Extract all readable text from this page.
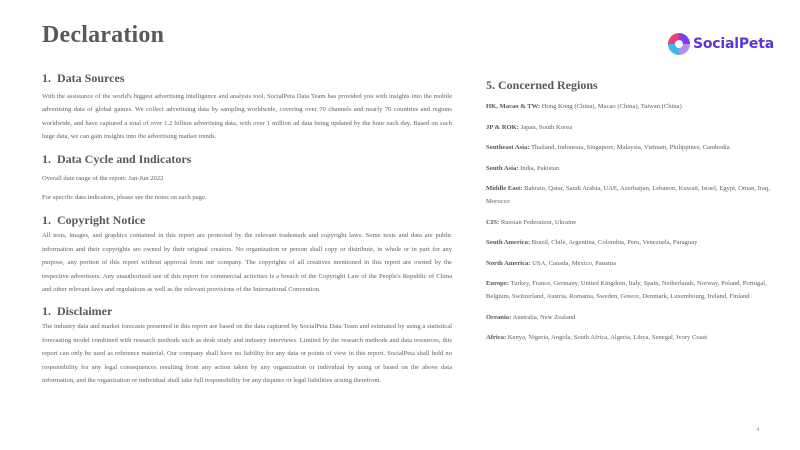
Declaration	SocialPeta
1. Data Sources

With the assistance of the world's biggest advertising intelligence and analysis tool, SocialPeta Data Team has provided you with insights into the mobile advertising data of global games. We collect advertising data by sampling worldwide, covering over 70 channels and nearly 70 countries and regions worldwide, and have captured a total of over 1.2 billion advertising data, with over 1 million ad data being updated by the hour each day. Based on such huge data, we can gain insights into the advertising market trends.

1. Data Cycle and Indicators

Overall date range of the report: Jan-Jun 2022

For specific data indicators, please see the notes on each page.

1. Copyright Notice

All tests, images, and graphics contained in this report are protected by the relevant trademark and copyright laws. Some texts and data are public information and their copyrights are owned by their original creators. No organization or person shall copy or distribute, in whole or in part for any purpose, any portion of this report without approval from our company. The copyrights of all creatives mentioned in this report are owned by the respective advertisers. Any unauthorized use of this report for commercial activities is a breach of the Copyright Law of the People's Republic of China and other relevant laws and regulations as well as the relevant provisions of the International Convention.

1. Disclaimer

The industry data and market forecasts presented in this report are based on the data captured by SocialPeta Data Team and estimated by using a statistical forecasting model combined with research methods such as desk study and industry interviews. Limited by the research methods and data resources, this report can only be used as reference material. Our company shall have no liability for any data or points of view in this report. SocialPeta shall hold no responsibility for any legal consequences resulting from any action taken by any organization or individual by using or based on the above data information, and the organization or individual shall take full responsibility for any disputes or legal liabilities arising therefrom.

5. Concerned Regions
HK, Macao & TW: Hong Kong (China), Macao (China), Taiwan (China)
JP & ROK: Japan, South Korea
Southeast Asia: Thailand, Indonesia, Singapore, Malaysia, Vietnam, Philippines, Cambodia
South Asia: India, Pakistan
Middle East: Bahrain, Qatar, Saudi Arabia, UAE, Azerbaijan, Lebanon, Kuwait, Israel, Egypt, Oman, Iraq, Morocco
CIS: Russian Federation, Ukraine
South America: Brazil, Chile, Argentina, Colombia, Peru, Venezuela, Paraguay
North America: USA, Canada, Mexico, Panama
Europe: Turkey, France, Germany, United Kingdom, Italy, Spain, Netherlands, Norway, Poland, Portugal, Belgium, Switzerland, Austria, Romania, Sweden, Greece, Denmark, Luxembourg, Ireland, Finland
Oceania: Australia, New Zealand
Africa: Kenya, Nigeria, Angola, South Africa, Algeria, Libya, Senegal, Ivory Coast
4
